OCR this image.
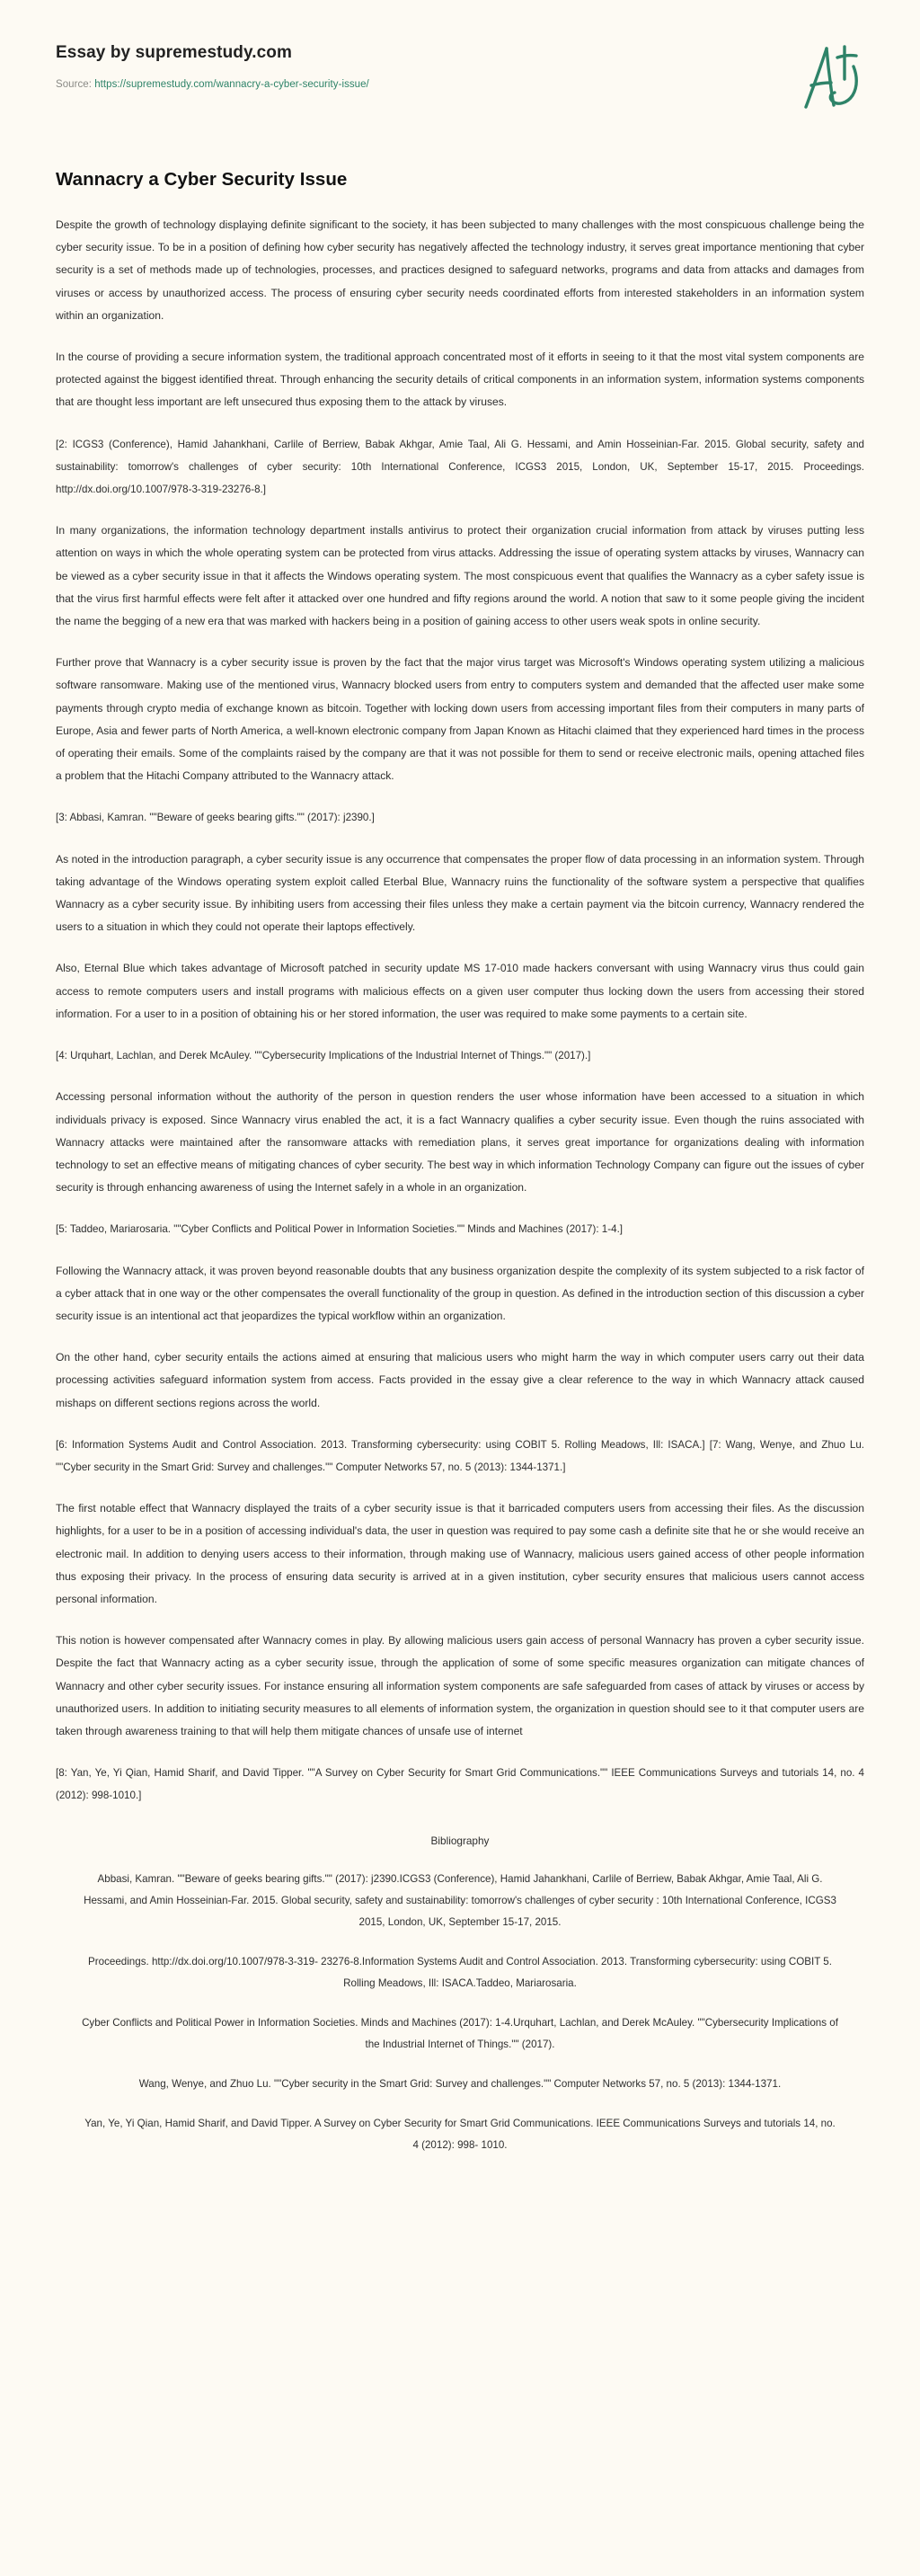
Essay by supremestudy.com
Source: https://supremestudy.com/wannacry-a-cyber-security-issue/
Wannacry a Cyber Security Issue

Despite the growth of technology displaying definite significant to the society, it has been subjected to many challenges with the most conspicuous challenge being the cyber security issue. To be in a position of defining how cyber security has negatively affected the technology industry, it serves great importance mentioning that cyber security is a set of methods made up of technologies, processes, and practices designed to safeguard networks, programs and data from attacks and damages from viruses or access by unauthorized access. The process of ensuring cyber security needs coordinated efforts from interested stakeholders in an information system within an organization.

In the course of providing a secure information system, the traditional approach concentrated most of it efforts in seeing to it that the most vital system components are protected against the biggest identified threat. Through enhancing the security details of critical components in an information system, information systems components that are thought less important are left unsecured thus exposing them to the attack by viruses.

[2: ICGS3 (Conference), Hamid Jahankhani, Carlile of Berriew, Babak Akhgar, Amie Taal, Ali G. Hessami, and Amin Hosseinian-Far. 2015. Global security, safety and sustainability: tomorrow's challenges of cyber security: 10th International Conference, ICGS3 2015, London, UK, September 15-17, 2015. Proceedings. http://dx.doi.org/10.1007/978-3-319-23276-8.]

In many organizations, the information technology department installs antivirus to protect their organization crucial information from attack by viruses putting less attention on ways in which the whole operating system can be protected from virus attacks. Addressing the issue of operating system attacks by viruses, Wannacry can be viewed as a cyber security issue in that it affects the Windows operating system. The most conspicuous event that qualifies the Wannacry as a cyber safety issue is that the virus first harmful effects were felt after it attacked over one hundred and fifty regions around the world. A notion that saw to it some people giving the incident the name the begging of a new era that was marked with hackers being in a position of gaining access to other users weak spots in online security.

Further prove that Wannacry is a cyber security issue is proven by the fact that the major virus target was Microsoft's Windows operating system utilizing a malicious software ransomware. Making use of the mentioned virus, Wannacry blocked users from entry to computers system and demanded that the affected user make some payments through crypto media of exchange known as bitcoin. Together with locking down users from accessing important files from their computers in many parts of Europe, Asia and fewer parts of North America, a well-known electronic company from Japan Known as Hitachi claimed that they experienced hard times in the process of operating their emails. Some of the complaints raised by the company are that it was not possible for them to send or receive electronic mails, opening attached files a problem that the Hitachi Company attributed to the Wannacry attack.

[3: Abbasi, Kamran. ""Beware of geeks bearing gifts."" (2017): j2390.]

As noted in the introduction paragraph, a cyber security issue is any occurrence that compensates the proper flow of data processing in an information system. Through taking advantage of the Windows operating system exploit called Eterbal Blue, Wannacry ruins the functionality of the software system a perspective that qualifies Wannacry as a cyber security issue. By inhibiting users from accessing their files unless they make a certain payment via the bitcoin currency, Wannacry rendered the users to a situation in which they could not operate their laptops effectively.

Also, Eternal Blue which takes advantage of Microsoft patched in security update MS 17-010 made hackers conversant with using Wannacry virus thus could gain access to remote computers users and install programs with malicious effects on a given user computer thus locking down the users from accessing their stored information. For a user to in a position of obtaining his or her stored information, the user was required to make some payments to a certain site.

[4: Urquhart, Lachlan, and Derek McAuley. ""Cybersecurity Implications of the Industrial Internet of Things."" (2017).]

Accessing personal information without the authority of the person in question renders the user whose information have been accessed to a situation in which individuals privacy is exposed. Since Wannacry virus enabled the act, it is a fact Wannacry qualifies a cyber security issue. Even though the ruins associated with Wannacry attacks were maintained after the ransomware attacks with remediation plans, it serves great importance for organizations dealing with information technology to set an effective means of mitigating chances of cyber security. The best way in which information Technology Company can figure out the issues of cyber security is through enhancing awareness of using the Internet safely in a whole in an organization.

[5: Taddeo, Mariarosaria. ""Cyber Conflicts and Political Power in Information Societies."" Minds and Machines (2017): 1-4.]

Following the Wannacry attack, it was proven beyond reasonable doubts that any business organization despite the complexity of its system subjected to a risk factor of a cyber attack that in one way or the other compensates the overall functionality of the group in question. As defined in the introduction section of this discussion a cyber security issue is an intentional act that jeopardizes the typical workflow within an organization.

On the other hand, cyber security entails the actions aimed at ensuring that malicious users who might harm the way in which computer users carry out their data processing activities safeguard information system from access. Facts provided in the essay give a clear reference to the way in which Wannacry attack caused mishaps on different sections regions across the world.

[6: Information Systems Audit and Control Association. 2013. Transforming cybersecurity: using COBIT 5. Rolling Meadows, Ill: ISACA.] [7: Wang, Wenye, and Zhuo Lu. ""Cyber security in the Smart Grid: Survey and challenges."" Computer Networks 57, no. 5 (2013): 1344-1371.]

The first notable effect that Wannacry displayed the traits of a cyber security issue is that it barricaded computers users from accessing their files. As the discussion highlights, for a user to be in a position of accessing individual's data, the user in question was required to pay some cash a definite site that he or she would receive an electronic mail. In addition to denying users access to their information, through making use of Wannacry, malicious users gained access of other people information thus exposing their privacy. In the process of ensuring data security is arrived at in a given institution, cyber security ensures that malicious users cannot access personal information.

This notion is however compensated after Wannacry comes in play. By allowing malicious users gain access of personal Wannacry has proven a cyber security issue. Despite the fact that Wannacry acting as a cyber security issue, through the application of some of some specific measures organization can mitigate chances of Wannacry and other cyber security issues. For instance ensuring all information system components are safe safeguarded from cases of attack by viruses or access by unauthorized users. In addition to initiating security measures to all elements of information system, the organization in question should see to it that computer users are taken through awareness training to that will help them mitigate chances of unsafe use of internet

[8: Yan, Ye, Yi Qian, Hamid Sharif, and David Tipper. ""A Survey on Cyber Security for Smart Grid Communications."" IEEE Communications Surveys and tutorials 14, no. 4 (2012): 998-1010.]

Bibliography

Abbasi, Kamran. ""Beware of geeks bearing gifts."" (2017): j2390.ICGS3 (Conference), Hamid Jahankhani, Carlile of Berriew, Babak Akhgar, Amie Taal, Ali G. Hessami, and Amin Hosseinian-Far. 2015. Global security, safety and sustainability: tomorrow's challenges of cyber security : 10th International Conference, ICGS3 2015, London, UK, September 15-17, 2015.

Proceedings. http://dx.doi.org/10.1007/978-3-319- 23276-8.Information Systems Audit and Control Association. 2013. Transforming cybersecurity: using COBIT 5. Rolling Meadows, Ill: ISACA.Taddeo, Mariarosaria.

Cyber Conflicts and Political Power in Information Societies. Minds and Machines (2017): 1-4.Urquhart, Lachlan, and Derek McAuley. ""Cybersecurity Implications of the Industrial Internet of Things."" (2017).

Wang, Wenye, and Zhuo Lu. ""Cyber security in the Smart Grid: Survey and challenges."" Computer Networks 57, no. 5 (2013): 1344-1371.

Yan, Ye, Yi Qian, Hamid Sharif, and David Tipper. A Survey on Cyber Security for Smart Grid Communications. IEEE Communications Surveys and tutorials 14, no. 4 (2012): 998- 1010.
